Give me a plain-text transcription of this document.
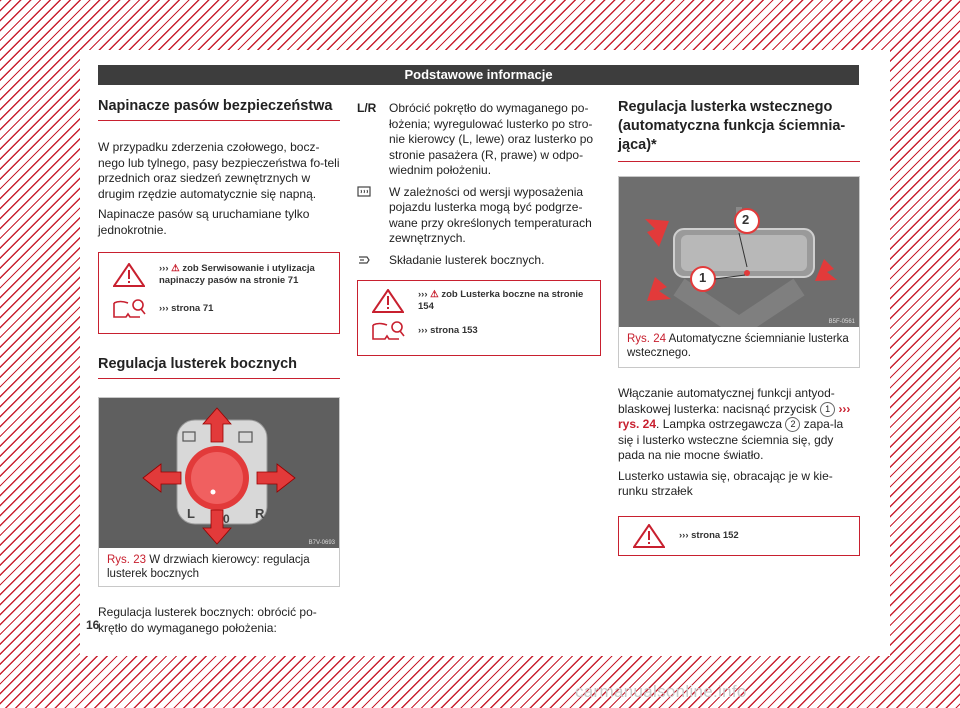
Podstawowe informacje
Napinacze pasów bezpieczeństwa

W przypadku zderzenia czołowego, bocz-nego lub tylnego, pasy bezpieczeństwa fo-teli przednich oraz siedzeń zewnętrznych w drugim rzędzie automatycznie się napną.

Napinacze pasów są uruchamiane tylko jednokrotnie.

››› ⚠ zob Serwisowanie i utylizacja napinaczy pasów na stronie 71
››› strona 71
Regulacja lusterek bocznych
L 0 R
B7V-0693
Rys. 23 W drzwiach kierowcy: regulacja lusterek bocznych

Regulacja lusterek bocznych: obrócić po-krętło do wymaganego położenia:

L/R	Obrócić pokrętło do wymaganego po-łożenia; wyregulować lusterko po stro-nie kierowcy (L, lewe) oraz lusterko po stronie pasażera (R, prawe) w odpo-wiednim położeniu.

W zależności od wersji wyposażenia pojazdu lusterka mogą być podgrze-wane przy określonych temperaturach zewnętrznych.

Składanie lusterek bocznych.

››› ⚠ zob Lusterka boczne na stronie 154
››› strona 153
Regulacja lusterka wstecznego (automatyczna funkcja ściemnia-jąca)*
2
1
B5F-0561
Rys. 24 Automatyczne ściemnianie lusterka wstecznego.

Włączanie automatycznej funkcji antyod-blaskowej lusterka: nacisnąć przycisk 1 ››› rys. 24. Lampka ostrzegawcza 2 zapa-la się i lusterko wsteczne ściemnia się, gdy pada na nie mocne światło.

Lusterko ustawia się, obracając je w kie-runku strzałek

››› strona 152
16
carmanualsonline.info
